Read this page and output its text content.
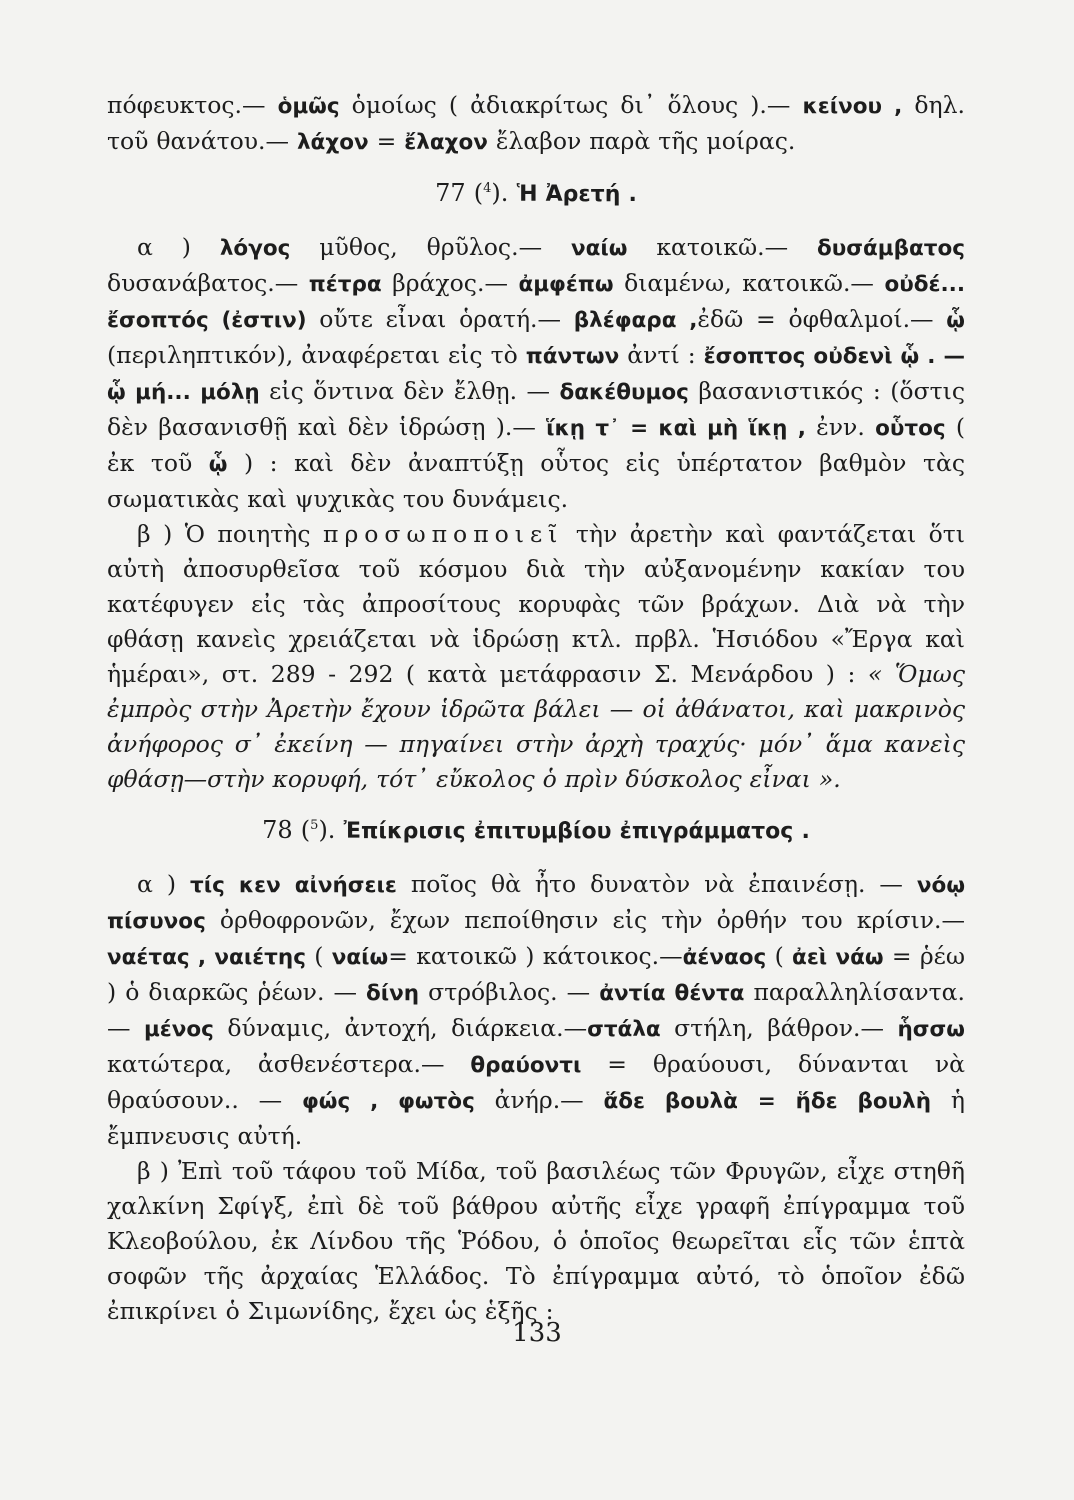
πόφευκτος.— ὁμῶς ὁμοίως ( ἀδιακρίτως δι᾽ ὅλους ).— κείνου , δηλ. τοῦ θανάτου.— λάχον = ἔλαχον ἔλαβον παρὰ τῆς μοίρας.

77 ($^4$). Ἡ Ἀρετή .

α ) λόγος μῦθος, θρῦλος.— ναίω κατοικῶ.— δυσάμβατος δυσανάβατος.— πέτρα βράχος.— ἀμφέπω διαμένω, κατοικῶ.— οὐδέ... ἔσοπτός (ἐστιν) οὔτε εἶναι ὁρατή.— βλέφαρα ,ἐδῶ = ὀφθαλμοί.— ᾧ (περιληπτικόν), ἀναφέρεται εἰς τὸ πάντων ἀντί : ἔσοπτος οὐδενὶ ᾧ . — ᾧ μή... μόλῃ εἰς ὅντινα δὲν ἔλθῃ. — δακέθυμος βασανιστικός : (ὅστις δὲν βασανισθῇ καὶ δὲν ἱδρώσῃ ).— ἵκῃ τ᾽ = καὶ μὴ ἵκῃ , ἐνν. οὗτος ( ἐκ τοῦ ᾧ ) : καὶ δὲν ἀναπτύξῃ οὗτος εἰς ὑπέρτατον βαθμὸν τὰς σωματικὰς καὶ ψυχικὰς του δυνάμεις.

β ) Ὁ ποιητὴς προσωποποιεῖ τὴν ἀρετὴν καὶ φαντάζεται ὅτι αὐτὴ ἀποσυρθεῖσα τοῦ κόσμου διὰ τὴν αὐξανομένην κακίαν του κατέφυγεν εἰς τὰς ἀπροσίτους κορυφὰς τῶν βράχων. Διὰ νὰ τὴν φθάσῃ κανεὶς χρειάζεται νὰ ἱδρώσῃ κτλ. πρβλ. Ἡσιόδου «Ἔργα καὶ ἡμέραι», στ. 289 - 292 ( κατὰ μετάφρασιν Σ. Μενάρδου ) : « Ὅμως ἐμπρὸς στὴν Ἀρετὴν ἔχουν ἱδρῶτα βάλει — οἱ ἀθάνατοι, καὶ μακρινὸς ἀνήφορος σ᾽ ἐκείνη — πηγαίνει στὴν ἀρχὴ τραχύς· μόν᾽ ἅμα κανεὶς φθάσῃ—στὴν κορυφή, τότ᾽ εὔκολος ὁ πρὶν δύσκολος εἶναι ».

78 ($^5$). Ἐπίκρισις ἐπιτυμβίου ἐπιγράμματος .

α ) τίς κεν αἰνήσειε ποῖος θὰ ἦτο δυνατὸν νὰ ἐπαινέσῃ. — νόῳ πίσυνος ὀρθοφρονῶν, ἔχων πεποίθησιν εἰς τὴν ὀρθήν του κρίσιν.— ναέτας , ναιέτης ( ναίω= κατοικῶ ) κάτοικος.—ἀέναος ( ἀεὶ νάω = ῥέω ) ὁ διαρκῶς ῥέων. — δίνη στρόβιλος. — ἀντία θέντα παραλληλίσαντα.— μένος δύναμις, ἀντοχή, διάρκεια.—στάλα στήλη, βάθρον.— ἧσσω κατώτερα, ἀσθενέστερα.— θραύοντι = θραύουσι, δύνανται νὰ θραύσουν.. — φώς , φωτὸς ἀνήρ.— ἅδε βουλὰ = ἥδε βουλὴ ἡ ἔμπνευσις αὐτή.

β ) Ἐπὶ τοῦ τάφου τοῦ Μίδα, τοῦ βασιλέως τῶν Φρυγῶν, εἶχε στηθῆ χαλκίνη Σφίγξ, ἐπὶ δὲ τοῦ βάθρου αὐτῆς εἶχε γραφῆ ἐπίγραμμα τοῦ Κλεοβούλου, ἐκ Λίνδου τῆς Ῥόδου, ὁ ὁποῖος θεωρεῖται εἷς τῶν ἑπτὰ σοφῶν τῆς ἀρχαίας Ἑλλάδος. Τὸ ἐπίγραμμα αὐτό, τὸ ὁποῖον ἐδῶ ἐπικρίνει ὁ Σιμωνίδης, ἔχει ὡς ἑξῆς :

133
